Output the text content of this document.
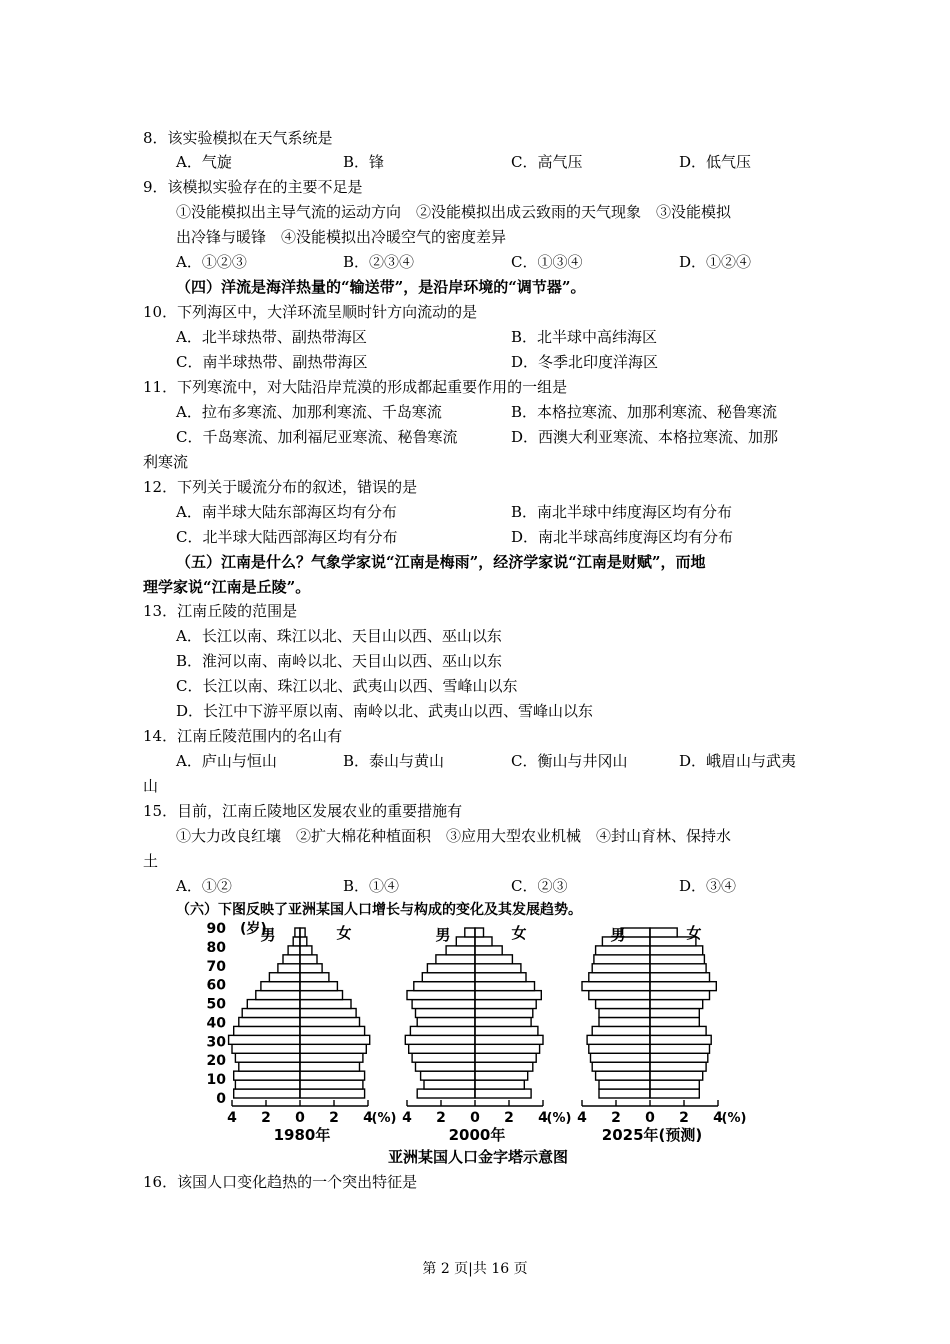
8．该实验模拟在天气系统是
A．气旋	B．锋	C．高气压	D．低气压
9．该模拟实验存在的主要不足是
①没能模拟出主导气流的运动方向　②没能模拟出成云致雨的天气现象　③没能模拟
出冷锋与暖锋　④没能模拟出冷暖空气的密度差异
A．①②③	B．②③④	C．①③④	D．①②④
（四）洋流是海洋热量的“输送带”，是沿岸环境的“调节器”。
10．下列海区中，大洋环流呈顺时针方向流动的是
A．北半球热带、副热带海区	B．北半球中高纬海区
C．南半球热带、副热带海区	D．冬季北印度洋海区
11．下列寒流中，对大陆沿岸荒漠的形成都起重要作用的一组是
A．拉布多寒流、加那利寒流、千岛寒流	B．本格拉寒流、加那利寒流、秘鲁寒流
C．千岛寒流、加利福尼亚寒流、秘鲁寒流	D．西澳大利亚寒流、本格拉寒流、加那
利寒流
12．下列关于暖流分布的叙述，错误的是
A．南半球大陆东部海区均有分布	B．南北半球中纬度海区均有分布
C．北半球大陆西部海区均有分布	D．南北半球高纬度海区均有分布
（五）江南是什么？气象学家说“江南是梅雨”，经济学家说“江南是财赋”，而地
理学家说“江南是丘陵”。
13．江南丘陵的范围是
A．长江以南、珠江以北、天目山以西、巫山以东
B．淮河以南、南岭以北、天目山以西、巫山以东
C．长江以南、珠江以北、武夷山以西、雪峰山以东
D．长江中下游平原以南、南岭以北、武夷山以西、雪峰山以东
14．江南丘陵范围内的名山有
A．庐山与恒山	B．泰山与黄山	C．衡山与井冈山	D．峨眉山与武夷
山
15．目前，江南丘陵地区发展农业的重要措施有
①大力改良红壤　②扩大棉花种植面积　③应用大型农业机械　④封山育林、保持水
土
A．①②	B．①④	C．②③	D．③④
（六）下图反映了亚洲某国人口增长与构成的变化及其发展趋势。
0
10
20
30
40
50
60
70
80
90 (岁)
男	女
4 2 0 2 4
(%)
1980年
男	女
4 2 0 2 4
(%)
2000年
男	女
4 2 0 2 4
(%)
2025年(预测)
亚洲某国人口金字塔示意图
16．该国人口变化趋热的一个突出特征是
第 2 页|共 16 页
